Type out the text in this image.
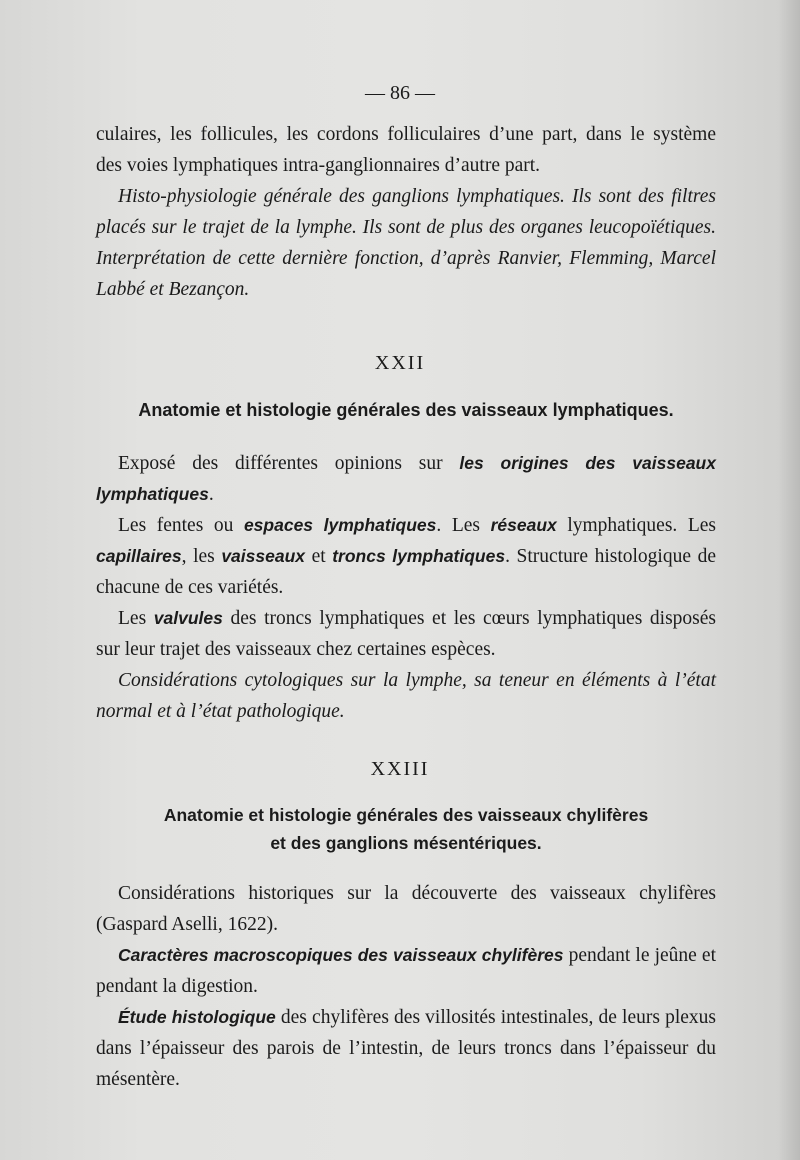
— 86 —

culaires, les follicules, les cordons folliculaires d’une part, dans le système

des voies lymphatiques intra-ganglionnaires d’autre part.

Histo-physiologie générale des ganglions lymphatiques. Ils sont des filtres placés sur le trajet de la lymphe. Ils sont de plus des organes leucopoïétiques. Interprétation de cette dernière fonction, d’après Ranvier, Flemming, Marcel Labbé et Bezançon.

XXII
Anatomie et histologie générales des vaisseaux lymphatiques.

Exposé des différentes opinions sur les origines des vaisseaux lymphatiques.

Les fentes ou espaces lymphatiques. Les réseaux lymphatiques. Les capillaires, les vaisseaux et troncs lymphatiques. Structure histologique de chacune de ces variétés.

Les valvules des troncs lymphatiques et les cœurs lymphatiques disposés sur leur trajet des vaisseaux chez certaines espèces.

Considérations cytologiques sur la lymphe, sa teneur en éléments à l’état normal et à l’état pathologique.

XXIII
Anatomie et histologie générales des vaisseaux chylifères
et des ganglions mésentériques.

Considérations historiques sur la découverte des vaisseaux chylifères (Gaspard Aselli, 1622).

Caractères macroscopiques des vaisseaux chylifères pendant le jeûne et pendant la digestion.

Étude histologique des chylifères des villosités intestinales, de leurs plexus dans l’épaisseur des parois de l’intestin, de leurs troncs dans l’épaisseur du mésentère.
